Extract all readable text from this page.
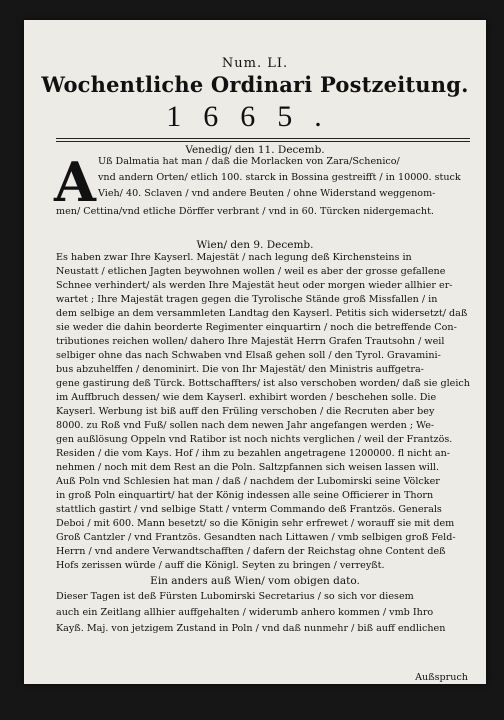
Num. LI.
Wochentliche Ordinari Postzeitung.
1665.
Venedig/ den 11. Decemb.
A Uß Dalmatia hat man / daß die Morlacken von Zara/Schenico/
vnd andern Orten/ etlich 100. starck in Bossina gestreifft / in 10000. stuck
Vieh/ 40. Sclaven / vnd andere Beuten / ohne Widerstand weggenom-
men/ Cettina/vnd etliche Dörffer verbrant / vnd in 60. Türcken nidergemacht.
Wien/ den 9. Decemb.
Es haben zwar Ihre Kayserl. Majestät / nach legung deß Kirchensteins in
Neustatt / etlichen Jagten beywohnen wollen / weil es aber der grosse gefallene
Schnee verhindert/ als werden Ihre Majestät heut oder morgen wieder allhier er-
wartet ; Ihre Majestät tragen gegen die Tyrolische Stände groß Missfallen / in
dem selbige an dem versammleten Landtag den Kayserl. Petitis sich widersetzt/ daß
sie weder die dahin beorderte Regimenter einquartirn / noch die betreffende Con-
tributiones reichen wollen/ dahero Ihre Majestät Herrn Grafen Trautsohn / weil
selbiger ohne das nach Schwaben vnd Elsaß gehen soll / den Tyrol. Gravamini-
bus abzuhelffen / denominirt. Die von Ihr Majestät/ den Ministris auffgetra-
gene gastirung deß Türck. Bottschaffters/ ist also verschoben worden/ daß sie gleich
im Auffbruch dessen/ wie dem Kayserl. exhibirt worden / beschehen solle. Die
Kayserl. Werbung ist biß auff den Früling verschoben / die Recruten aber bey
8000. zu Roß vnd Fuß/ sollen nach dem newen Jahr angefangen werden ; We-
gen außlösung Oppeln vnd Ratibor ist noch nichts verglichen / weil der Frantzös.
Residen / die vom Kays. Hof / ihm zu bezahlen angetragene 1200000. fl nicht an-
nehmen / noch mit dem Rest an die Poln. Saltzpfannen sich weisen lassen will.
Auß Poln vnd Schlesien hat man / daß / nachdem der Lubomirski seine Völcker
in groß Poln einquartirt/ hat der König indessen alle seine Officierer in Thorn
stattlich gastirt / vnd selbige Statt / vnterm Commando deß Frantzös. Generals
Deboi / mit 600. Mann besetzt/ so die Königin sehr erfrewet / worauff sie mit dem
Groß Cantzler / vnd Frantzös. Gesandten nach Littawen / vmb selbigen groß Feld-
Herrn / vnd andere Verwandtschafften / dafern der Reichstag ohne Content deß
Hofs zerissen würde / auff die Königl. Seyten zu bringen / verreyßt.
Ein anders auß Wien/ vom obigen dato.
Dieser Tagen ist deß Fürsten Lubomirski Secretarius / so sich vor diesem
auch ein Zeitlang allhier auffgehalten / widerumb anhero kommen / vmb Ihro
Kayß. Maj. von jetzigem Zustand in Poln / vnd daß nunmehr / biß auff endlichen
Außspruch
